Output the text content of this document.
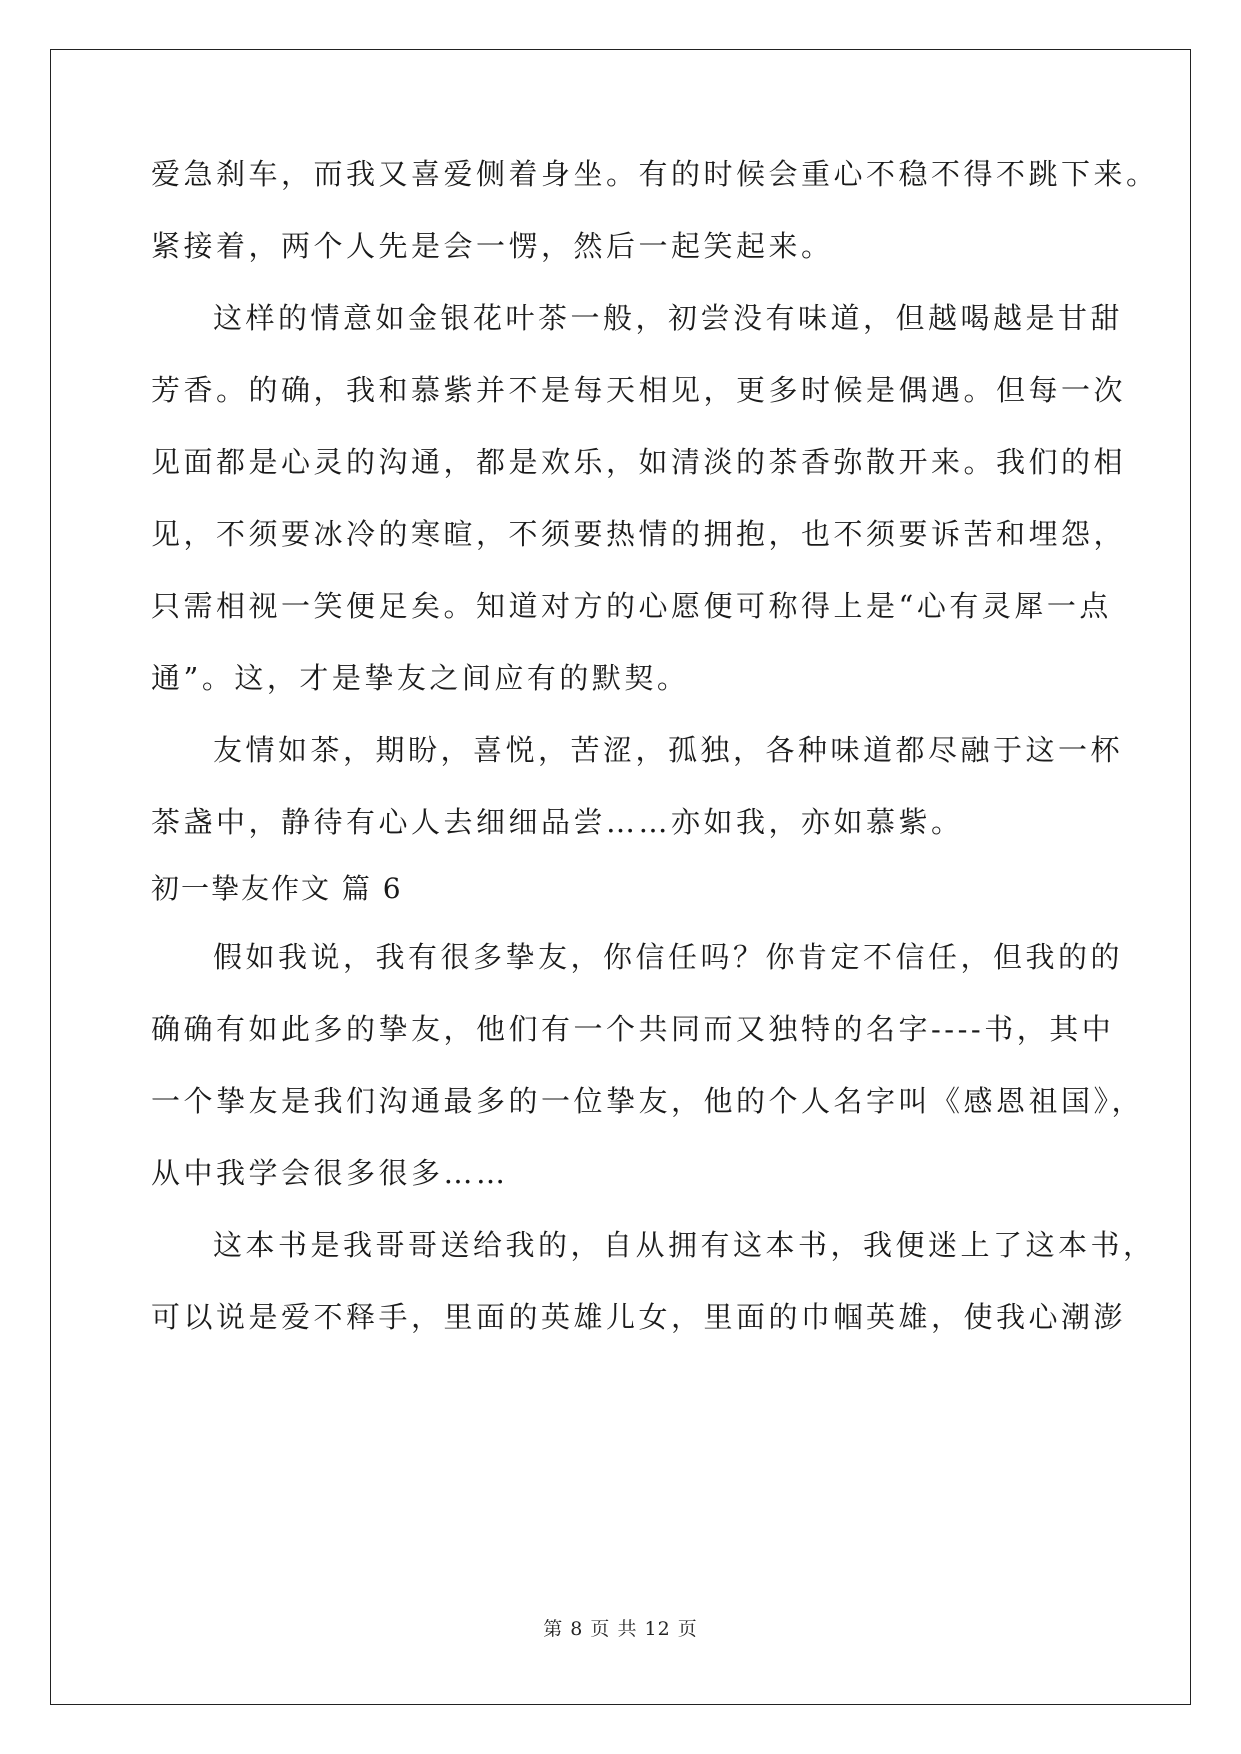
爱急刹车，而我又喜爱侧着身坐。有的时候会重心不稳不得不跳下来。
紧接着，两个人先是会一愣，然后一起笑起来。
这样的情意如金银花叶茶一般，初尝没有味道，但越喝越是甘甜
芳香。的确，我和慕紫并不是每天相见，更多时候是偶遇。但每一次
见面都是心灵的沟通，都是欢乐，如清淡的茶香弥散开来。我们的相
见，不须要冰冷的寒暄，不须要热情的拥抱，也不须要诉苦和埋怨，
只需相视一笑便足矣。知道对方的心愿便可称得上是“心有灵犀一点
通”。这，才是挚友之间应有的默契。
友情如茶，期盼，喜悦，苦涩，孤独，各种味道都尽融于这一杯
茶盏中，静待有心人去细细品尝……亦如我，亦如慕紫。
初一挚友作文 篇 6
假如我说，我有很多挚友，你信任吗？你肯定不信任，但我的的
确确有如此多的挚友，他们有一个共同而又独特的名字----书，其中
一个挚友是我们沟通最多的一位挚友，他的个人名字叫《感恩祖国》，
从中我学会很多很多……
这本书是我哥哥送给我的，自从拥有这本书，我便迷上了这本书，
可以说是爱不释手，里面的英雄儿女，里面的巾帼英雄，使我心潮澎
第 8 页 共 12 页
